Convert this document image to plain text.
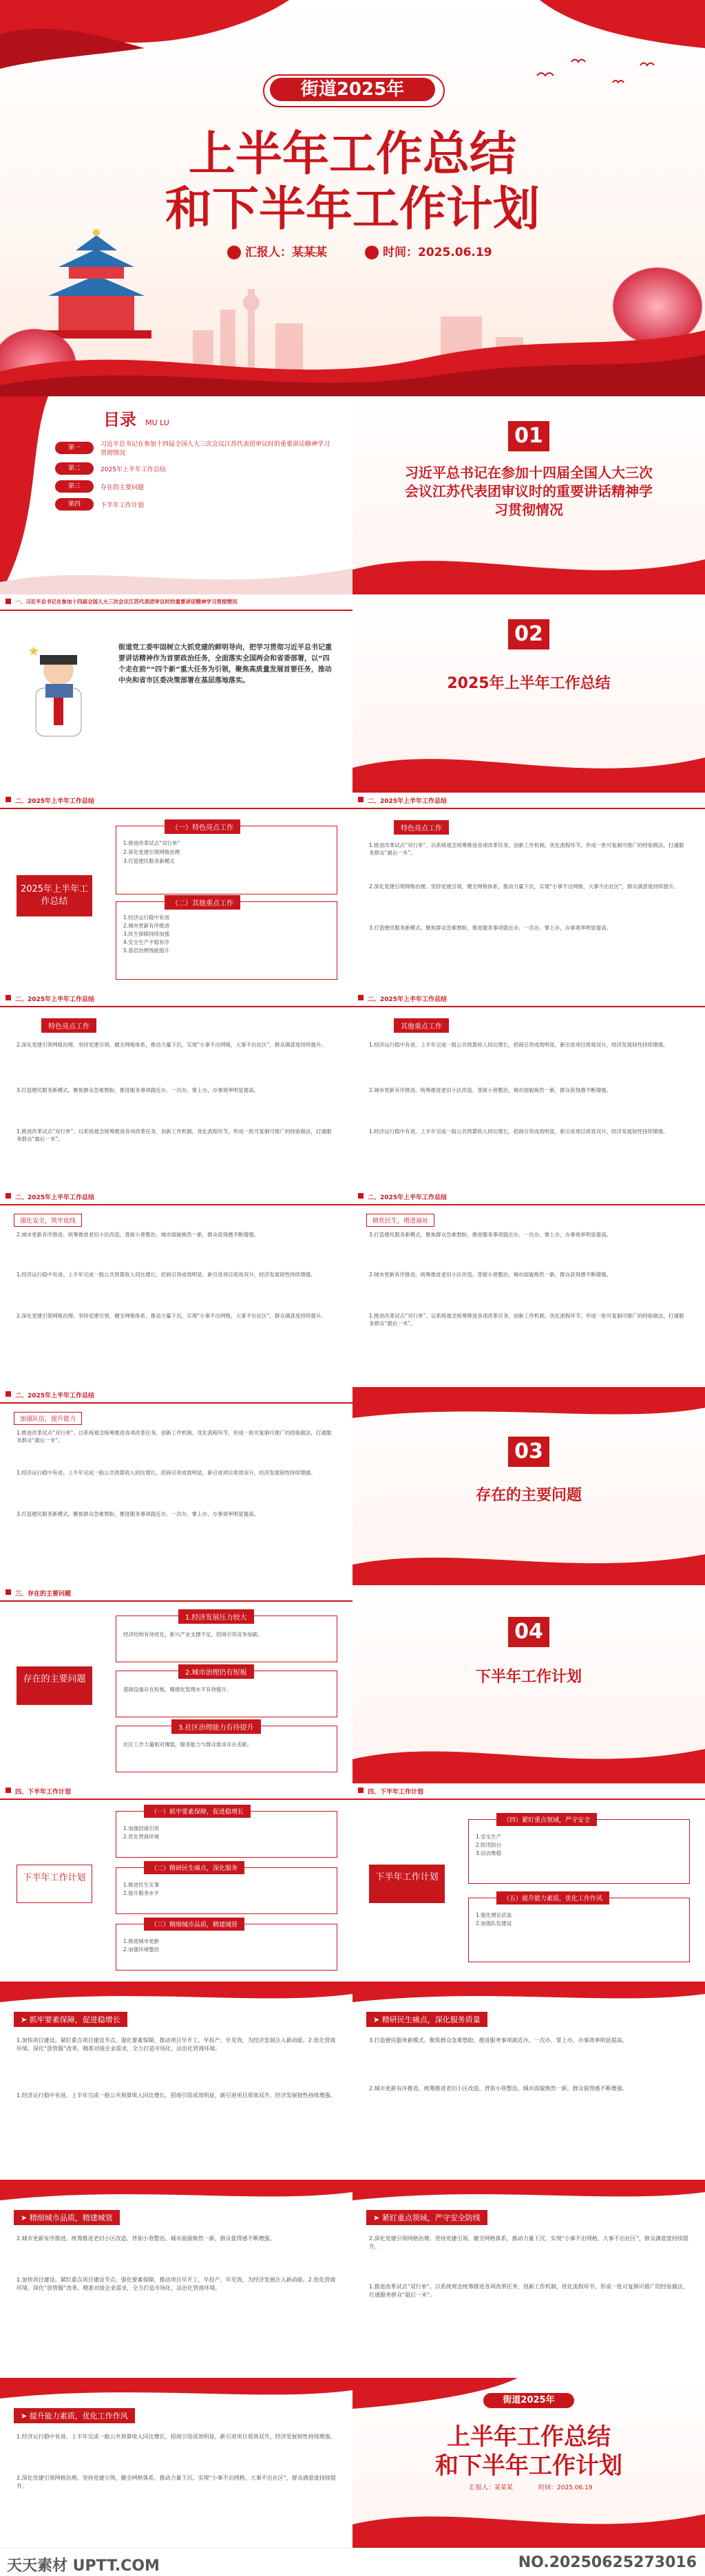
街道2025年
上半年工作总结
和下半年工作计划
汇报人：某某某	时间：2025.06.19
目录 MU LU
第一	习近平总书记在参加十四届全国人大三次会议江苏代表团审议时的重要讲话精神学习贯彻情况
第二	2025年上半年工作总结
第三	存在的主要问题
第四	下半年工作计划
01
习近平总书记在参加十四届全国人大三次会议江苏代表团审议时的重要讲话精神学习贯彻情况
一、习近平总书记在参加十四届全国人大三次会议江苏代表团审议时的重要讲话精神学习贯彻情况
★	街道党工委牢固树立大抓党建的鲜明导向，把学习贯彻习近平总书记重要讲话精神作为首要政治任务，全面落实全国两会和省委部署，以“四个走在前”“四个新”重大任务为引领，聚焦高质量发展首要任务，推动中央和省市区委决策部署在基层落地落实。
02
2025年上半年工作总结
二、2025年上半年工作总结
2025年上半年工作总结
（一）特色亮点工作
1.推进改革试点“双行单”
2.深化党建引领网格治理
3.打造便民服务新模式
（二）其他重点工作
1.经济运行稳中有进
2.城市更新有序推进
3.民生保障持续加强
4.安全生产平稳有序
5.基层治理效能提升
二、2025年上半年工作总结
特色亮点工作
1.推进改革试点“双行单”。以系统观念统筹推进各项改革任务，创新工作机制，优化流程环节，形成一批可复制可推广的经验做法，打通服务群众“最后一米”。
2.深化党建引领网格治理。坚持党建引领，健全网格体系，推动力量下沉，实现“小事不出网格，大事不出社区”，群众满意度持续提升。
3.打造便民服务新模式。聚焦群众急难愁盼，推进服务事项就近办、一次办、掌上办，办事效率明显提高。
二、2025年上半年工作总结
特色亮点工作
2.深化党建引领网格治理。坚持党建引领，健全网格体系，推动力量下沉，实现“小事不出网格，大事不出社区”，群众满意度持续提升。
3.打造便民服务新模式。聚焦群众急难愁盼，推进服务事项就近办、一次办、掌上办，办事效率明显提高。
1.推进改革试点“双行单”。以系统观念统筹推进各项改革任务，创新工作机制，优化流程环节，形成一批可复制可推广的经验做法，打通服务群众“最后一米”。
二、2025年上半年工作总结
其他重点工作
1.经济运行稳中有进。上半年完成一般公共预算收入同比增长，招商引资成效明显，新引进项目质效双升，经济发展韧性持续增强。
2.城市更新有序推进。统筹推进老旧小区改造、背街小巷整治，城市面貌焕然一新，群众获得感不断增强。
1.经济运行稳中有进。上半年完成一般公共预算收入同比增长，招商引资成效明显，新引进项目质效双升，经济发展韧性持续增强。
二、2025年上半年工作总结
强化安全，筑牢底线
2.城市更新有序推进。统筹推进老旧小区改造、背街小巷整治，城市面貌焕然一新，群众获得感不断增强。
1.经济运行稳中有进。上半年完成一般公共预算收入同比增长，招商引资成效明显，新引进项目质效双升，经济发展韧性持续增强。
2.深化党建引领网格治理。坚持党建引领，健全网格体系，推动力量下沉，实现“小事不出网格，大事不出社区”，群众满意度持续提升。
二、2025年上半年工作总结
做优民生，增进福祉
3.打造便民服务新模式。聚焦群众急难愁盼，推进服务事项就近办、一次办、掌上办，办事效率明显提高。
2.城市更新有序推进。统筹推进老旧小区改造、背街小巷整治，城市面貌焕然一新，群众获得感不断增强。
1.推进改革试点“双行单”。以系统观念统筹推进各项改革任务，创新工作机制，优化流程环节，形成一批可复制可推广的经验做法，打通服务群众“最后一米”。
二、2025年上半年工作总结
加强队伍，提升能力
1.推进改革试点“双行单”。以系统观念统筹推进各项改革任务，创新工作机制，优化流程环节，形成一批可复制可推广的经验做法，打通服务群众“最后一米”。
1.经济运行稳中有进。上半年完成一般公共预算收入同比增长，招商引资成效明显，新引进项目质效双升，经济发展韧性持续增强。
3.打造便民服务新模式。聚焦群众急难愁盼，推进服务事项就近办、一次办、掌上办，办事效率明显提高。
03
存在的主要问题
三、存在的主要问题
存在的主要问题
1.经济发展压力较大
经济结构有待优化，新兴产业支撑不足，招商引资竞争加剧。
2.城市治理仍有短板
基础设施存在短板，精细化管理水平有待提升。
3.社区治理能力有待提升
社区工作力量相对薄弱，服务能力与群众需求存在差距。
04
下半年工作计划
四、下半年工作计划
下半年工作计划
（一）抓牢要素保障，促进稳增长
1.加强招商引资
2.优化营商环境
（二）精研民生痛点，深化服务
1.推进民生实事
2.提升服务水平
（三）精细城市品质，精建城管
1.推进城市更新
2.加强环境整治
四、下半年工作计划
下半年工作计划
（四）紧盯重点领域，严守安全
1.安全生产
2.防汛防台
3.信访维稳
（五）提升能力素质，优化工作作风
1.强化理论武装
2.加强队伍建设
➤ 抓牢要素保障，促进稳增长
1.加快项目建设。紧盯重点项目建设节点，强化要素保障，推动项目早开工、早投产、早见效，为经济发展注入新动能。2.优化营商环境。深化“放管服”改革，精准对接企业需求，全力打造市场化、法治化营商环境。
1.经济运行稳中有进。上半年完成一般公共预算收入同比增长，招商引资成效明显，新引进项目质效双升，经济发展韧性持续增强。
➤ 精研民生痛点，深化服务质量
3.打造便民服务新模式。聚焦群众急难愁盼，推进服务事项就近办、一次办、掌上办，办事效率明显提高。
2.城市更新有序推进。统筹推进老旧小区改造、背街小巷整治，城市面貌焕然一新，群众获得感不断增强。
➤ 精细城市品质，精建城管
2.城市更新有序推进。统筹推进老旧小区改造、背街小巷整治，城市面貌焕然一新，群众获得感不断增强。
1.加快项目建设。紧盯重点项目建设节点，强化要素保障，推动项目早开工、早投产、早见效，为经济发展注入新动能。2.优化营商环境。深化“放管服”改革，精准对接企业需求，全力打造市场化、法治化营商环境。
➤ 紧盯重点领域，严守安全防线
2.深化党建引领网格治理。坚持党建引领，健全网格体系，推动力量下沉，实现“小事不出网格，大事不出社区”，群众满意度持续提升。
1.推进改革试点“双行单”。以系统观念统筹推进各项改革任务，创新工作机制，优化流程环节，形成一批可复制可推广的经验做法，打通服务群众“最后一米”。
➤ 提升能力素质，优化工作作风
1.经济运行稳中有进。上半年完成一般公共预算收入同比增长，招商引资成效明显，新引进项目质效双升，经济发展韧性持续增强。
2.深化党建引领网格治理。坚持党建引领，健全网格体系，推动力量下沉，实现“小事不出网格，大事不出社区”，群众满意度持续提升。
街道2025年
上半年工作总结
和下半年工作计划
汇报人：某某某	时间：2025.06.19
天天素材 UPTT.COM	NO.20250625273016
